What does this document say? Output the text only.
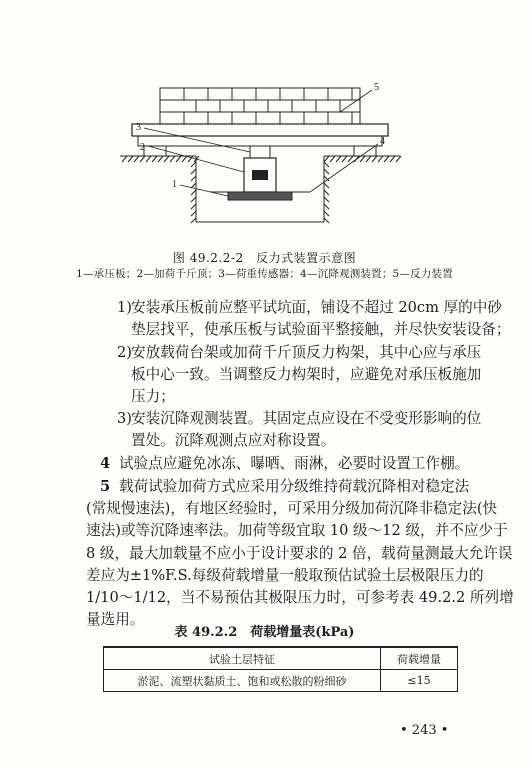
1
2
3
4
5
图 49.2.2-2　反力式装置示意图
1—承压板；2—加荷千斤顶；3—荷重传感器；4—沉降观测装置；5—反力装置
1) 安装承压板前应整平试坑面，铺设不超过 20cm 厚的中砂
垫层找平，使承压板与试验面平整接触，并尽快安装设备；
2) 安放载荷台架或加荷千斤顶反力构架，其中心应与承压
板中心一致。当调整反力构架时，应避免对承压板施加
压力；
3) 安装沉降观测装置。其固定点应设在不受变形影响的位
置处。沉降观测点应对称设置。
4 试验点应避免冰冻、曝晒、雨淋，必要时设置工作棚。
5 载荷试验加荷方式应采用分级维持荷载沉降相对稳定法
(常规慢速法)，有地区经验时，可采用分级加荷沉降非稳定法(快
速法)或等沉降速率法。加荷等级宜取 10 级～12 级，并不应少于
8 级，最大加载量不应小于设计要求的 2 倍，载荷量测最大允许误
差应为±1%F.S.每级荷载增量一般取预估试验土层极限压力的
1/10～1/12，当不易预估其极限压力时，可参考表 49.2.2 所列增
表 49.2.2　荷载增量表(kPa)
试验土层特征	荷载增量
淤泥、流塑状黏质土、饱和或松散的粉细砂	≤15
• 243 •
量选用。
